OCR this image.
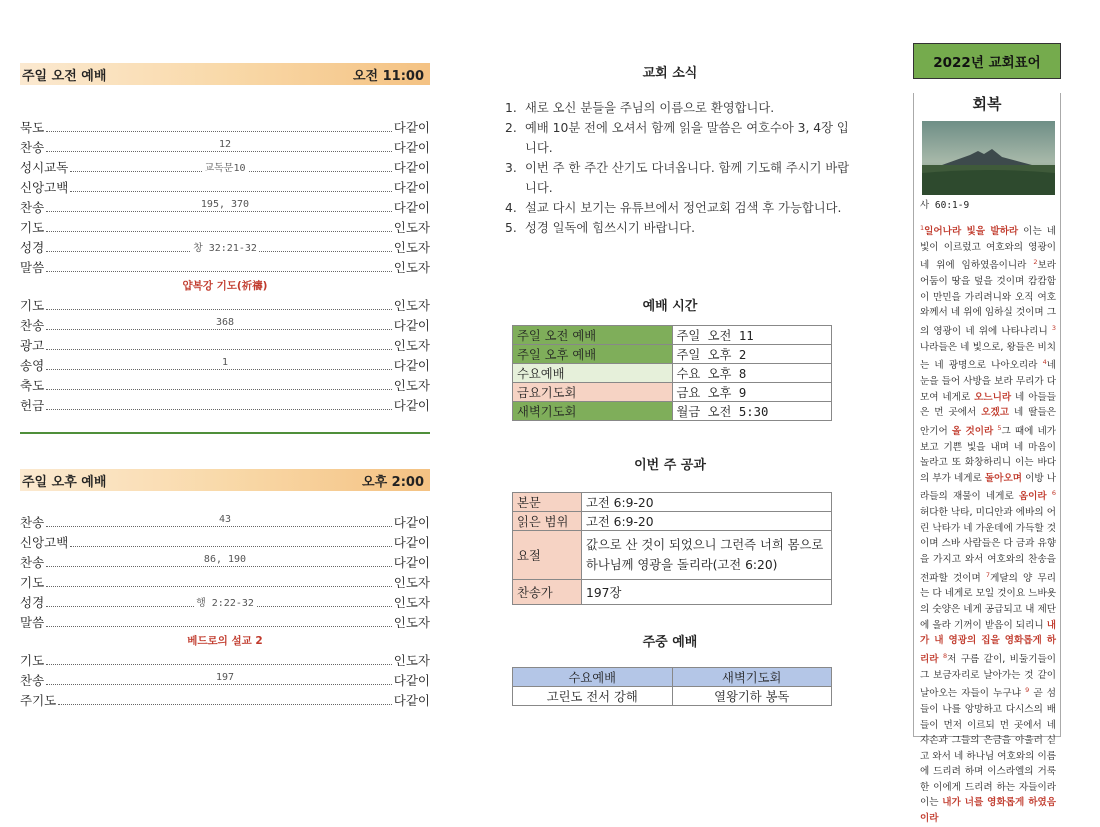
주일 오전 예배	오전 11:00
묵도	다같이
찬송	다같이
12
성시교독	다같이
교독문10
신앙고백	다같이
찬송	다같이
195, 370
기도	인도자
성경	인도자
창 32:21-32
말씀	인도자
얍복강 기도(祈禱)
기도	인도자
찬송	다같이
368
광고	인도자
송영	다같이
1
축도	인도자
헌금	다같이
주일 오후 예배	오후 2:00
찬송	다같이
43
신앙고백	다같이
찬송	다같이
86, 190
기도	인도자
성경	인도자
행 2:22-32
말씀	인도자
베드로의 설교 2
기도	인도자
찬송	다같이
197
주기도	다같이
교회 소식
1. 새로 오신 분들을 주님의 이름으로 환영합니다.
2. 예배 10분 전에 오셔서 함께 읽을 말씀은 여호수아 3, 4장 입니다.
3. 이번 주 한 주간 산기도 다녀옵니다. 함께 기도해 주시기 바랍니다.
4. 설교 다시 보기는 유튜브에서 정언교회 검색 후 가능합니다.
5. 성경 일독에 힘쓰시기 바랍니다.
예배 시간
주일 오전 예배	주일 오전 11
주일 오후 예배	주일 오후 2
수요예배	수요 오후 8
금요기도회	금요 오후 9
새벽기도회	월금 오전 5:30
이번 주 공과
본문	고전 6:9-20
읽은 범위	고전 6:9-20
요절	값으로 산 것이 되었으니 그런즉 너희 몸으로 하나님께 영광을 돌리라(고전 6:20)
찬송가	197장
주중 예배
수요예배	새벽기도회
고린도 전서 강해	열왕기하 봉독
2022년 교회표어
회복
사 60:1-9
$^1$일어나라 빛을 발하라 이는 네 빛이 이르렀고 여호와의 영광이 네 위에 임하였음이니라 $^2$보라 어둠이 땅을 덮을 것이며 캄캄함이 만민을 가리려니와 오직 여호와께서 네 위에 임하실 것이며 그의 영광이 네 위에 나타나리니 $^3$나라들은 네 빛으로, 왕들은 비치는 네 광명으로 나아오리라 $^4$네 눈을 들어 사방을 보라 무리가 다 모여 네게로 오느니라 네 아들들은 먼 곳에서 오겠고 네 딸들은 안기어 올 것이라 $^5$그 때에 네가 보고 기쁜 빛을 내며 네 마음이 놀라고 또 화창하리니 이는 바다의 부가 네게로 돌아오며 이방 나라들의 재물이 네게로 옴이라 $^6$허다한 낙타, 미디안과 에바의 어린 낙타가 네 가운데에 가득할 것이며 스바 사람들은 다 금과 유향을 가지고 와서 여호와의 찬송을 전파할 것이며 $^7$게달의 양 무리는 다 네게로 모일 것이요 느바욧의 숫양은 네게 공급되고 내 제단에 올라 기꺼이 받음이 되리니 내가 내 영광의 집을 영화롭게 하리라 $^8$저 구름 같이, 비둘기들이 그 보금자리로 날아가는 것 같이 날아오는 자들이 누구냐 $^9$ 곧 섬들이 나를 앙망하고 다시스의 배들이 먼저 이르되 먼 곳에서 네 자손과 그들의 은금을 아울러 싣고 와서 네 하나님 여호와의 이름에 드리려 하며 이스라엘의 거룩한 이에게 드리려 하는 자들이라 이는 내가 너를 영화롭게 하였음이라
